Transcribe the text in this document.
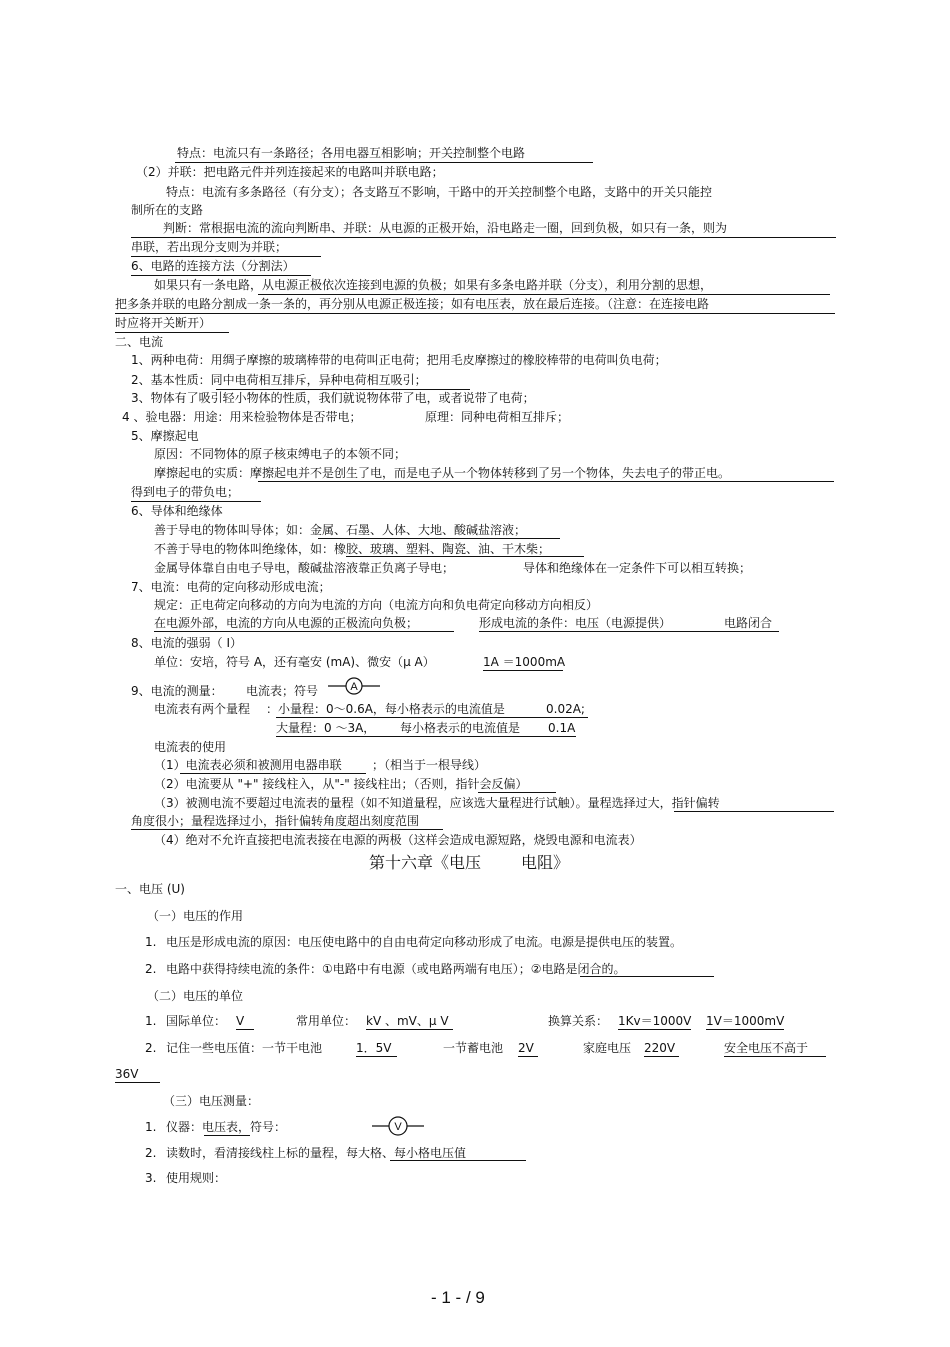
特点：电流只有一条路径；各用电器互相影响；开关控制整个电路
（2）并联：把电路元件并列连接起来的电路叫并联电路；
特点：电流有多条路径（有分支）；各支路互不影响，干路中的开关控制整个电路，支路中的开关只能控
制所在的支路
判断：常根据电流的流向判断串、并联：从电源的正极开始，沿电路走一圈，回到负极，如只有一条，则为
串联，若出现分支则为并联；
6、电路的连接方法（分割法）
如果只有一条电路，从电源正极依次连接到电源的负极；如果有多条电路并联（分支），利用分割的思想，
把多条并联的电路分割成一条一条的，再分别从电源正极连接；如有电压表，放在最后连接。（注意：在连接电路
时应将开关断开）
二、电流
1、两种电荷：用绸子摩擦的玻璃棒带的电荷叫正电荷；把用毛皮摩擦过的橡胶棒带的电荷叫负电荷；
2、基本性质：同中电荷相互排斥，异种电荷相互吸引；
3、物体有了吸引轻小物体的性质，我们就说物体带了电，或者说带了电荷；
4 、验电器：用途：用来检验物体是否带电；	原理：同种电荷相互排斥；
5、摩擦起电
原因：不同物体的原子核束缚电子的本领不同；
摩擦起电的实质：摩擦起电并不是创生了电，而是电子从一个物体转移到了另一个物体，失去电子的带正电。
得到电子的带负电；
6、导体和绝缘体
善于导电的物体叫导体；如：金属、石墨、人体、大地、酸碱盐溶液；
不善于导电的物体叫绝缘体，如：橡胶、玻璃、塑料、陶瓷、油、干木柴；
金属导体靠自由电子导电，酸碱盐溶液靠正负离子导电；	导体和绝缘体在一定条件下可以相互转换；
7、电流：电荷的定向移动形成电流；
规定：正电荷定向移动的方向为电流的方向（电流方向和负电荷定向移动方向相反）
在电源外部，电流的方向从电源的正极流向负极；	形成电流的条件：电压（电源提供）	电路闭合
8、电流的强弱（ I）
单位：安培，符号 A，还有毫安 (mA)、微安（μ A）	1A ＝1000mA
9、电流的测量： 电流表；符号	A
电流表有两个量程 ：小量程：0～0.6A，每小格表示的电流值是	0.02A;
大量程：0 ～3A， 每小格表示的电流值是 0.1A
电流表的使用
（1）电流表必须和被测用电器串联	；（相当于一根导线）
（2）电流要从 "+" 接线柱入，从"-" 接线柱出；（否则，指针会反偏）
（3）被测电流不要超过电流表的量程（如不知道量程，应该选大量程进行试触）。量程选择过大，指针偏转
角度很小；量程选择过小，指针偏转角度超出刻度范围
（4）绝对不允许直接把电流表接在电源的两极（这样会造成电源短路，烧毁电源和电流表）
第十六章《电压 电阻》
一、电压 (U)
（一）电压的作用
1. 电压是形成电流的原因：电压使电路中的自由电荷定向移动形成了电流。电源是提供电压的装置。
2. 电路中获得持续电流的条件：①电路中有电源（或电路两端有电压）；②电路是闭合的。
（二）电压的单位
1. 国际单位： V	常用单位： kV 、mV、μ V	换算关系： 1Kv＝1000V 1V＝1000mV
2. 记住一些电压值：一节干电池	1．5V	一节蓄电池 2V	家庭电压 220V	安全电压不高于
36V
（三）电压测量：
1. 仪器：电压表，符号：	V
2. 读数时，看清接线柱上标的量程，每大格、每小格电压值
3. 使用规则：
- 1 - / 9
